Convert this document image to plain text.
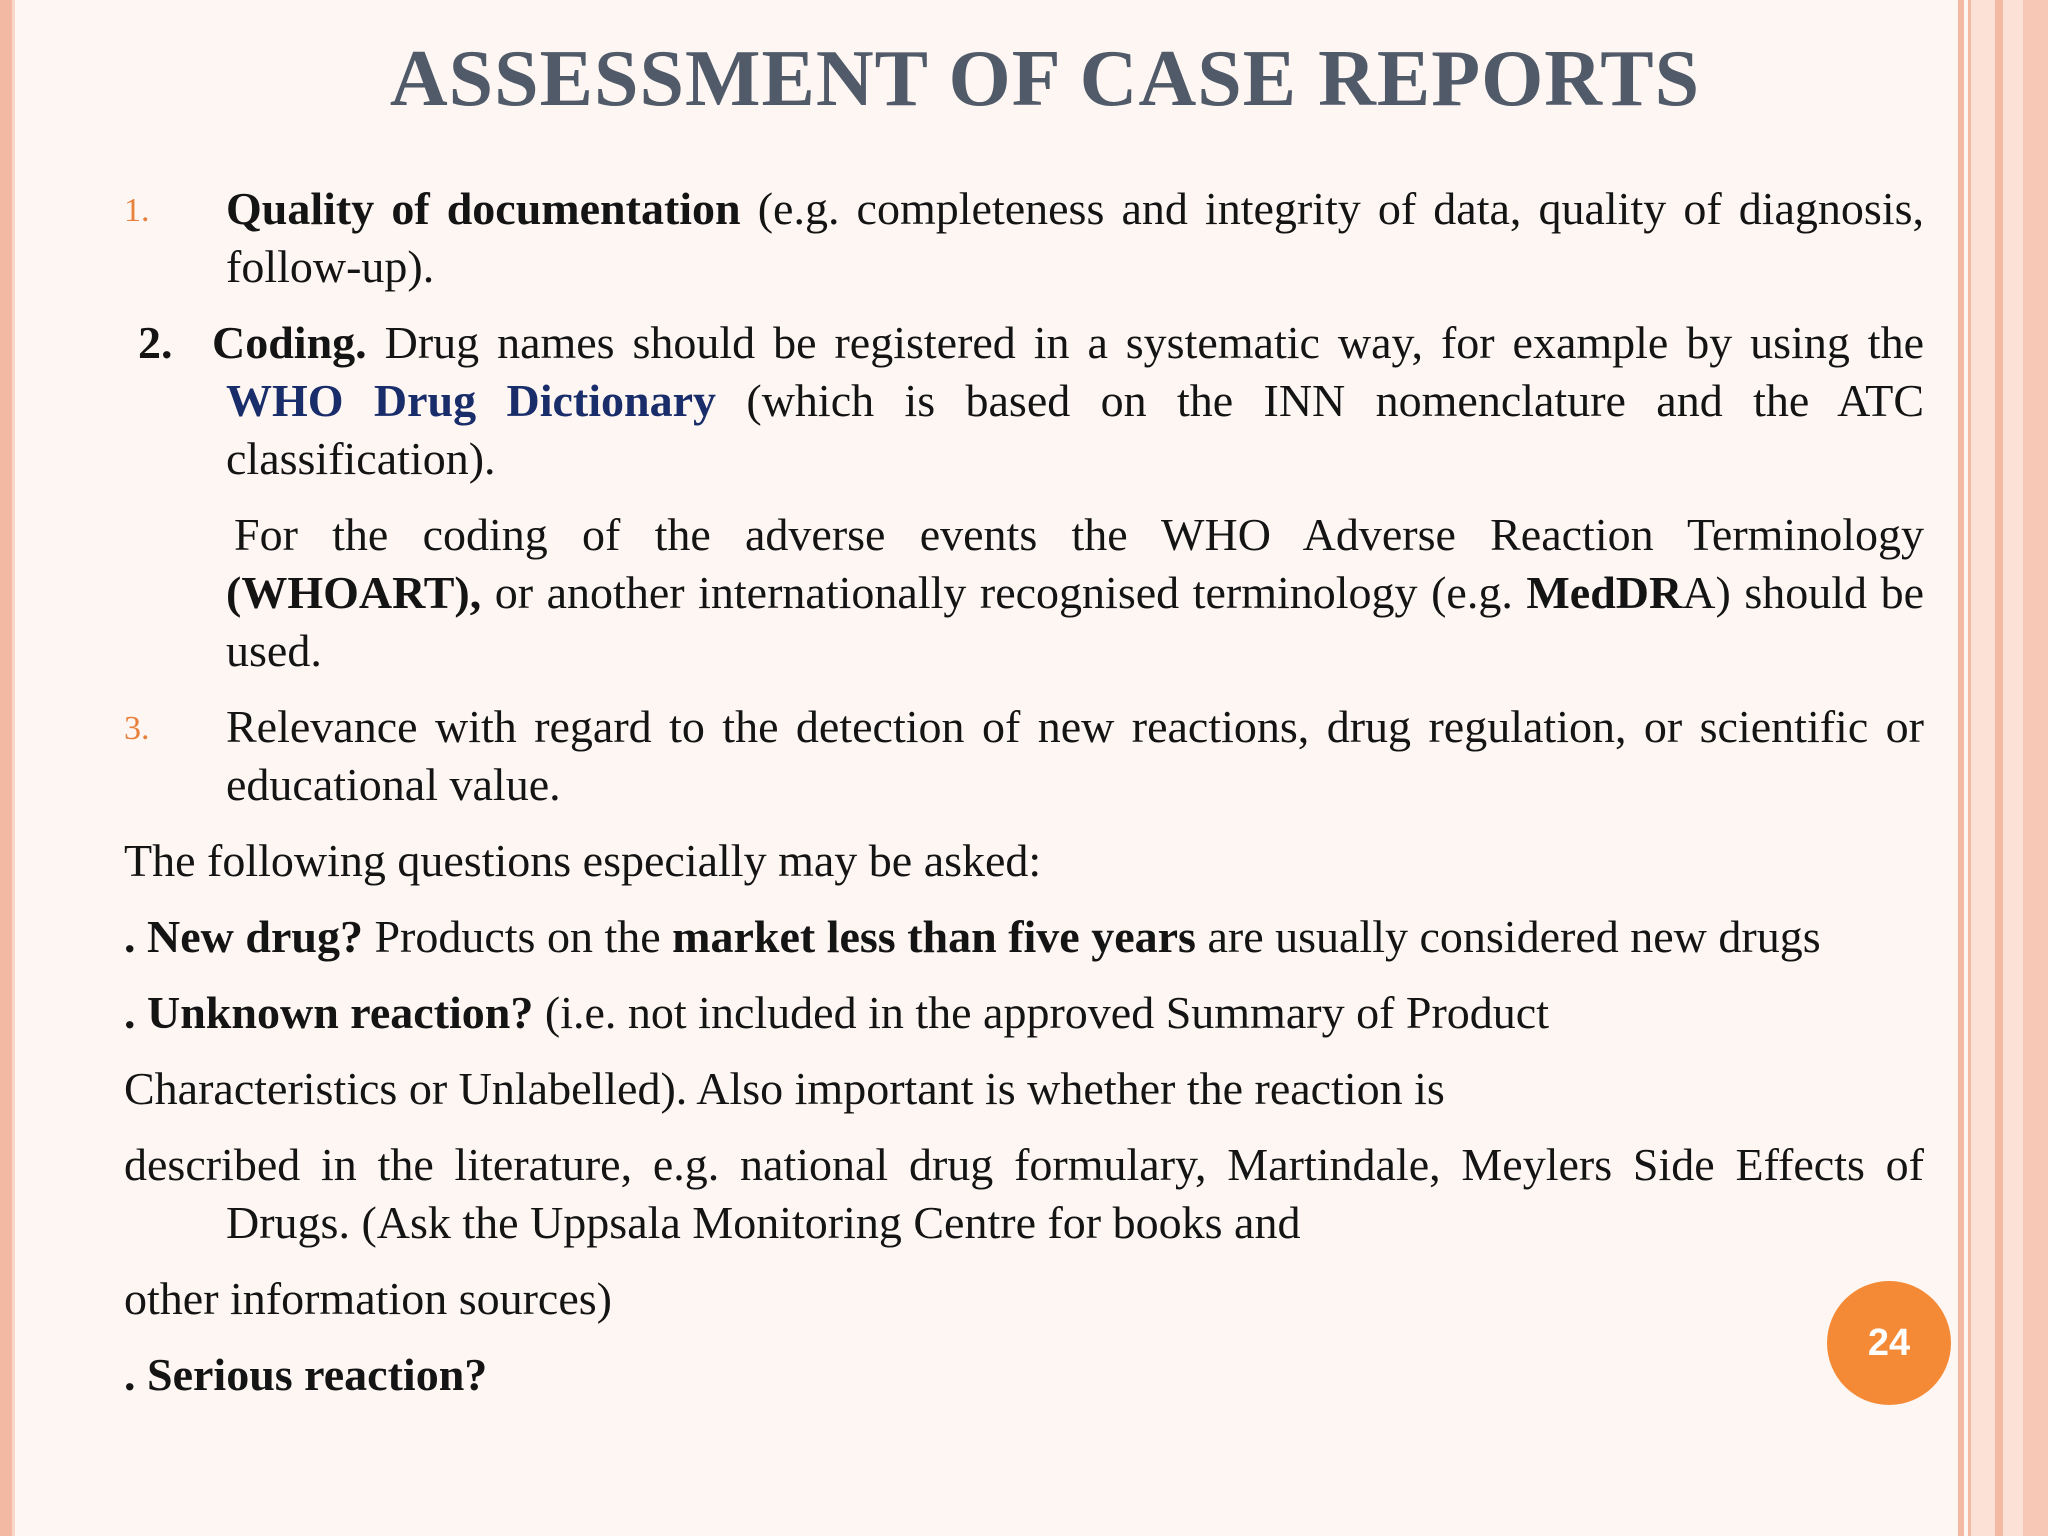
ASSESSMENT OF CASE REPORTS
1. Quality of documentation (e.g. completeness and integrity of data, quality of diagnosis, follow-up).
2. Coding. Drug names should be registered in a systematic way, for example by using the WHO Drug Dictionary (which is based on the INN nomenclature and the ATC classification).
For the coding of the adverse events the WHO Adverse Reaction Terminology (WHOART), or another internationally recognised terminology (e.g. MedDRA) should be used.
3. Relevance with regard to the detection of new reactions, drug regulation, or scientific or educational value.
The following questions especially may be asked:
. New drug? Products on the market less than five years are usually considered new drugs
. Unknown reaction? (i.e. not included in the approved Summary of Product
Characteristics or Unlabelled). Also important is whether the reaction is
described in the literature, e.g. national drug formulary, Martindale, Meylers Side Effects of Drugs. (Ask the Uppsala Monitoring Centre for books and
other information sources)
. Serious reaction?
24
